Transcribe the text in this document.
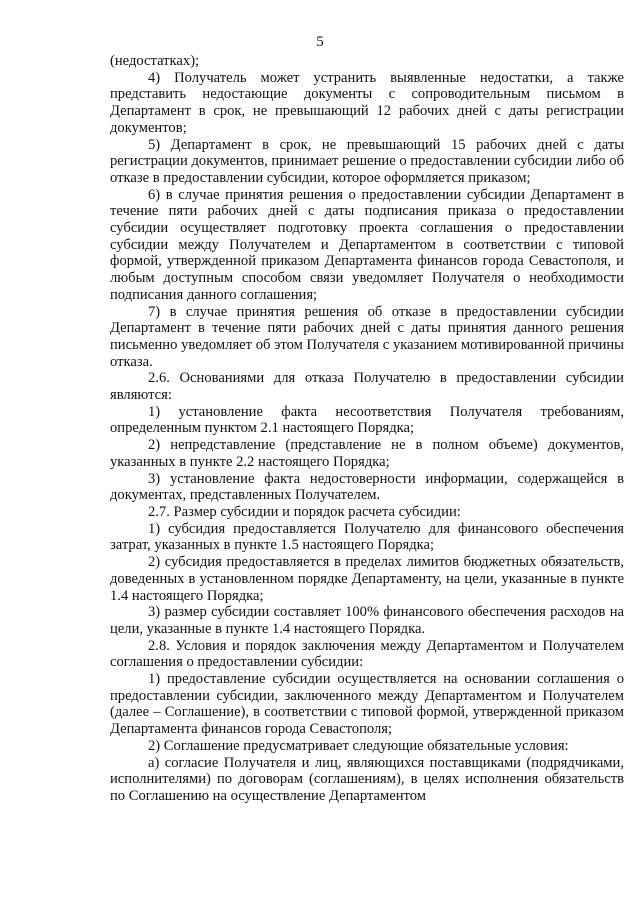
5

(недостатках);

4) Получатель может устранить выявленные недостатки, а также представить недостающие документы с сопроводительным письмом в Департамент в срок, не превышающий 12 рабочих дней с даты регистрации документов;

5) Департамент в срок, не превышающий 15 рабочих дней с даты регистрации документов, принимает решение о предоставлении субсидии либо об отказе в предоставлении субсидии, которое оформляется приказом;

6) в случае принятия решения о предоставлении субсидии Департамент в течение пяти рабочих дней с даты подписания приказа о предоставлении субсидии осуществляет подготовку проекта соглашения о предоставлении субсидии между Получателем и Департаментом в соответствии с типовой формой, утвержденной приказом Департамента финансов города Севастополя, и любым доступным способом связи уведомляет Получателя о необходимости подписания данного соглашения;

7) в случае принятия решения об отказе в предоставлении субсидии Департамент в течение пяти рабочих дней с даты принятия данного решения письменно уведомляет об этом Получателя с указанием мотивированной причины отказа.

2.6. Основаниями для отказа Получателю в предоставлении субсидии являются:

1) установление факта несоответствия Получателя требованиям, определенным пунктом 2.1 настоящего Порядка;

2) непредставление (представление не в полном объеме) документов, указанных в пункте 2.2 настоящего Порядка;

3) установление факта недостоверности информации, содержащейся в документах, представленных Получателем.

2.7. Размер субсидии и порядок расчета субсидии:

1) субсидия предоставляется Получателю для финансового обеспечения затрат, указанных в пункте 1.5 настоящего Порядка;

2) субсидия предоставляется в пределах лимитов бюджетных обязательств, доведенных в установленном порядке Департаменту, на цели, указанные в пункте 1.4 настоящего Порядка;

3) размер субсидии составляет 100% финансового обеспечения расходов на цели, указанные в пункте 1.4 настоящего Порядка.

2.8. Условия и порядок заключения между Департаментом и Получателем соглашения о предоставлении субсидии:

1) предоставление субсидии осуществляется на основании соглашения о предоставлении субсидии, заключенного между Департаментом и Получателем (далее – Соглашение), в соответствии с типовой формой, утвержденной приказом Департамента финансов города Севастополя;

2) Соглашение предусматривает следующие обязательные условия:

а) согласие Получателя и лиц, являющихся поставщиками (подрядчиками, исполнителями) по договорам (соглашениям), в целях исполнения обязательств по Соглашению на осуществление Департаментом
